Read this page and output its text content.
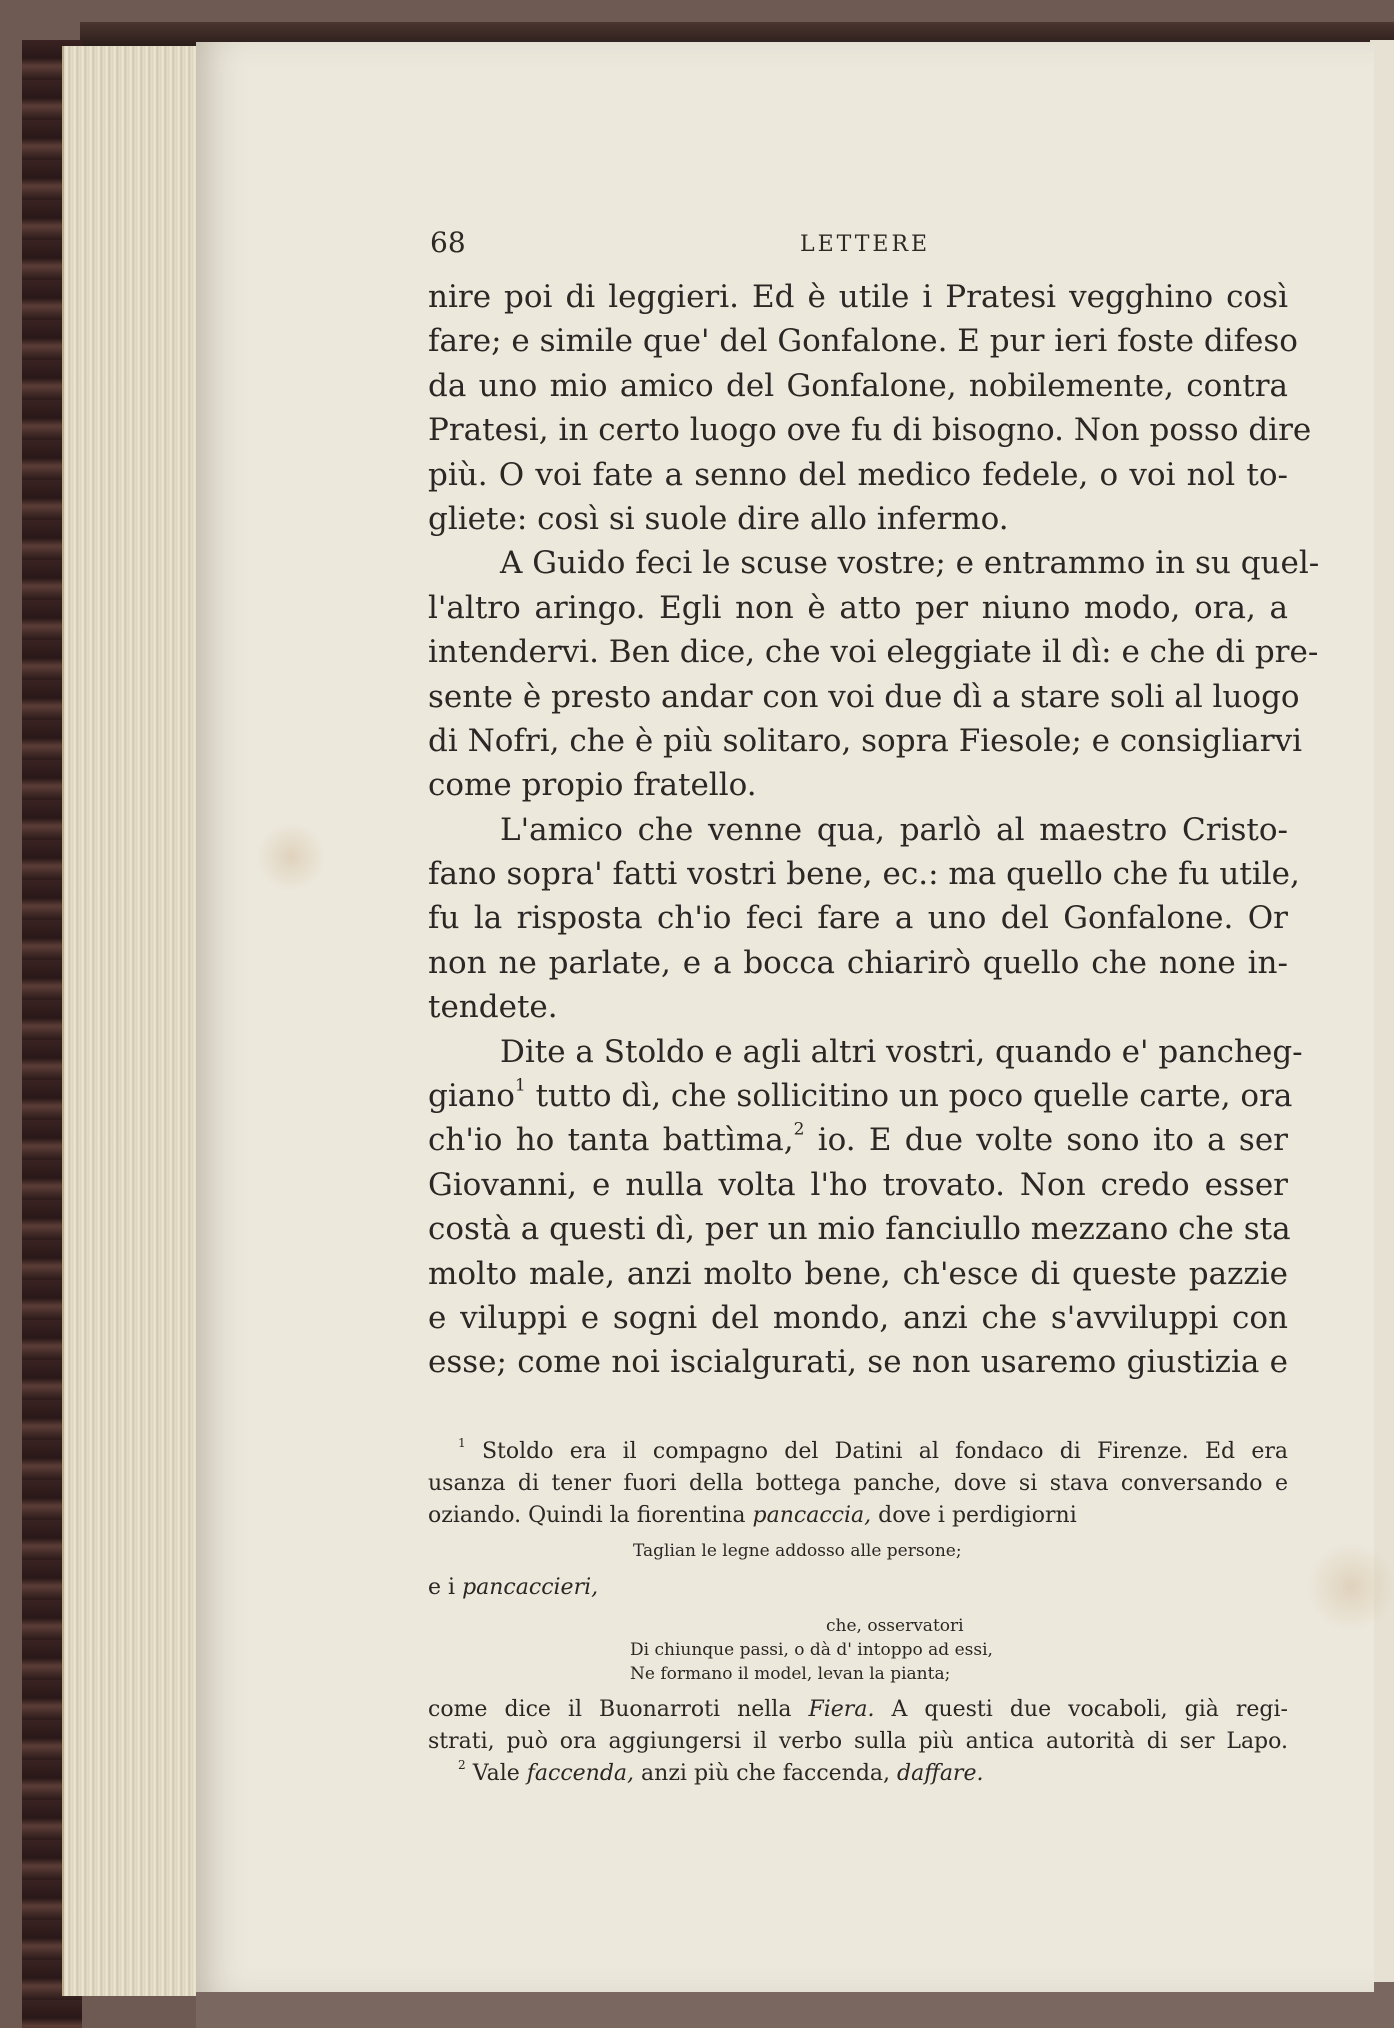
68	LETTERE
nire poi di leggieri. Ed è utile i Pratesi vegghino così
fare; e simile que' del Gonfalone. E pur ieri foste difeso
da uno mio amico del Gonfalone, nobilemente, contra
Pratesi, in certo luogo ove fu di bisogno. Non posso dire
più. O voi fate a senno del medico fedele, o voi nol to-
gliete: così si suole dire allo infermo.
A Guido feci le scuse vostre; e entrammo in su quel-
l'altro aringo. Egli non è atto per niuno modo, ora, a
intendervi. Ben dice, che voi eleggiate il dì: e che di pre-
sente è presto andar con voi due dì a stare soli al luogo
di Nofri, che è più solitaro, sopra Fiesole; e consigliarvi
come propio fratello.
L'amico che venne qua, parlò al maestro Cristo-
fano sopra' fatti vostri bene, ec.: ma quello che fu utile,
fu la risposta ch'io feci fare a uno del Gonfalone. Or
non ne parlate, e a bocca chiarirò quello che none in-
tendete.
Dite a Stoldo e agli altri vostri, quando e' pancheg-
giano$^1$ tutto dì, che sollicitino un poco quelle carte, ora
ch'io ho tanta battìma,$^2$ io. E due volte sono ito a ser
Giovanni, e nulla volta l'ho trovato. Non credo esser
costà a questi dì, per un mio fanciullo mezzano che sta
molto male, anzi molto bene, ch'esce di queste pazzie
e viluppi e sogni del mondo, anzi che s'avviluppi con
esse; come noi iscialgurati, se non usaremo giustizia e
$^1$ Stoldo era il compagno del Datini al fondaco di Firenze. Ed era
usanza di tener fuori della bottega panche, dove si stava conversando e
oziando. Quindi la fiorentina pancaccia, dove i perdigiorni
Taglian le legne addosso alle persone;
e i pancaccieri,
che, osservatori
Di chiunque passi, o dà d' intoppo ad essi,
Ne formano il model, levan la pianta;
come dice il Buonarroti nella Fiera. A questi due vocaboli, già regi-
strati, può ora aggiungersi il verbo sulla più antica autorità di ser Lapo.
$^2$ Vale faccenda, anzi più che faccenda, daffare.
